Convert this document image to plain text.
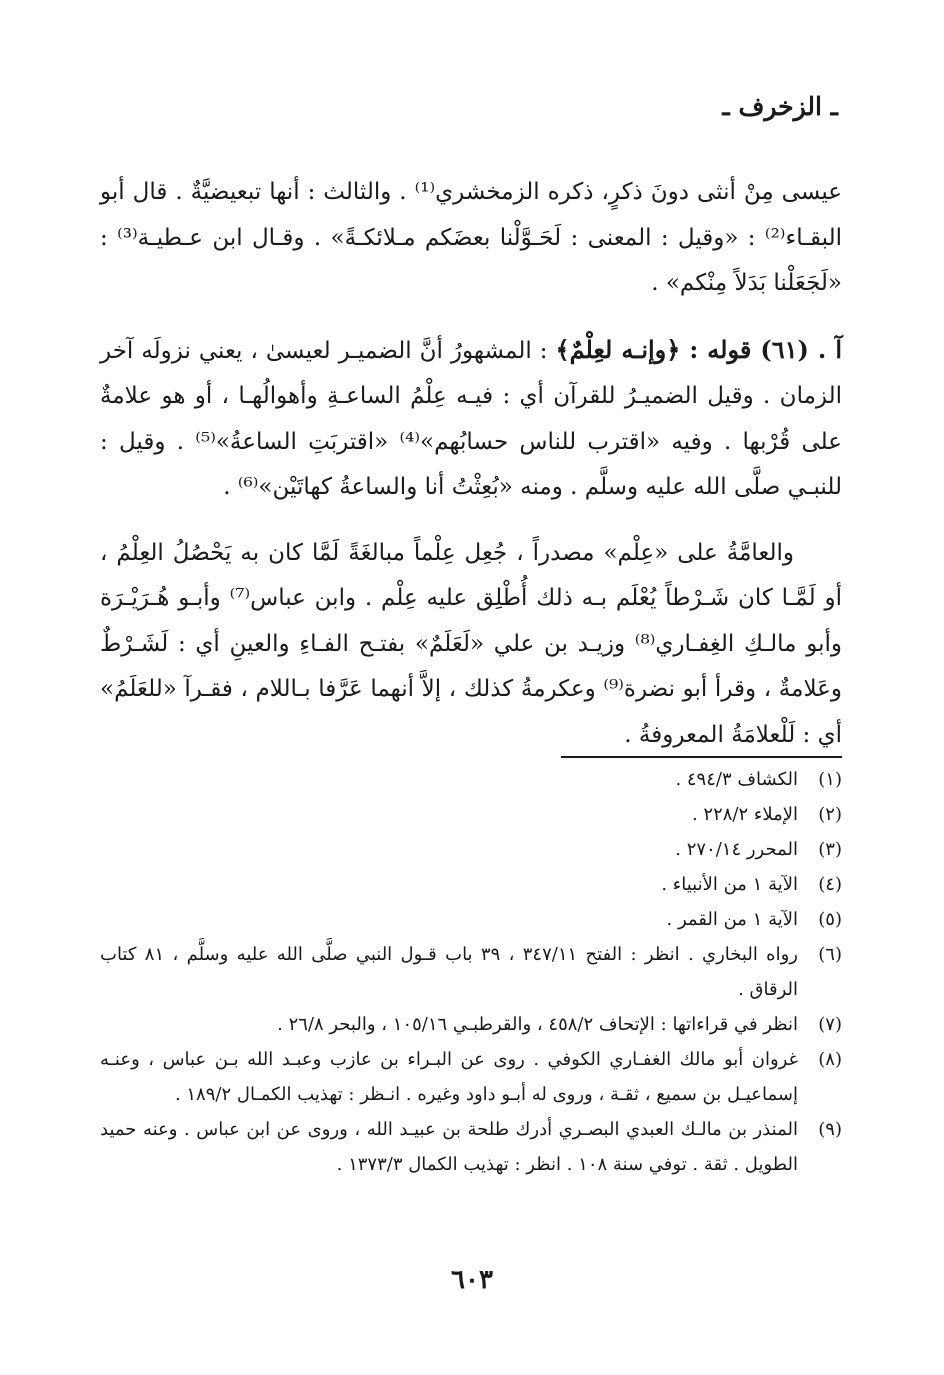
ـ الزخرف ـ

عيسى مِنْ أنثى دونَ ذكرٍ، ذكره الزمخشري⁽¹⁾ . والثالث : أنها تبعيضيَّةٌ . قال أبو البقـاء⁽²⁾ : «وقيل : المعنى : لَحَـوَّلْنا بعضَكم مـلائكـةً» . وقـال ابن عـطيـة⁽³⁾ : «لَجَعَلْنا بَدَلاً مِنْكم» .

آ . (٦١) قوله : ﴿وإنـه لعِلْمٌ﴾ : المشهورُ أنَّ الضميـر لعيسىٰ ، يعني نزولَه آخر الزمان . وقيل الضميـرُ للقرآن أي : فيـه عِلْمُ الساعـةِ وأهوالُهـا ، أو هو علامةٌ على قُرْبها . وفيه «اقترب للناس حسابُهم»⁽⁴⁾ «اقتربَتِ الساعةُ»⁽⁵⁾ . وقيل : للنبـي صلَّى الله عليه وسلَّم . ومنه «بُعِثْتُ أنا والساعةُ كهاتَيْن»⁽⁶⁾ .

والعامَّةُ على «عِلْم» مصدراً ، جُعِل عِلْماً مبالغَةً لَمَّا كان به يَحْصُلُ العِلْمُ ، أو لَمَّـا كان شَـرْطاً يُعْلَم بـه ذلك أُطْلِق عليه عِلْم . وابن عباس⁽⁷⁾ وأبـو هُـرَيْـرَة وأبو مالـكِ الغِفـاري⁽⁸⁾ وزيـد بن علي «لَعَلَمٌ» بفتـح الفـاءِ والعينِ أي : لَشَـرْطٌ وعَلامةٌ ، وقرأ أبو نضرة⁽⁹⁾ وعكرمةُ كذلك ، إلاَّ أنهما عَرَّفا بـاللام ، فقـرآ «للعَلَمُ» أي : لَلْعلامَةُ المعروفةُ .

(١)
الكشاف ٤٩٤/٣ .
(٢)
الإملاء ٢٢٨/٢ .
(٣)
المحرر ٢٧٠/١٤ .
(٤)
الآية ١ من الأنبياء .
(٥)
الآية ١ من القمر .
(٦)
رواه البخاري . انظر : الفتح ٣٤٧/١١ ، ٣٩ باب قـول النبي صلَّى الله عليه وسلَّم ، ٨١ كتاب الرقاق .
(٧)
انظر في قراءاتها : الإتحاف ٤٥٨/٢ ، والقرطبـي ١٠٥/١٦ ، والبحر ٢٦/٨ .
(٨)
غروان أبو مالك الغفـاري الكوفي . روى عن البـراء بن عازب وعبـد الله بـن عباس ، وعنـه إسماعيـل بن سميع ، ثقـة ، وروى له أبـو داود وغيره . انـظر : تهذيب الكمـال ١٨٩/٢ .
(٩)
المنذر بن مالـك العبدي البصـري أدرك طلحة بن عبيـد الله ، وروى عن ابن عباس . وعنه حميد الطويل . ثقة . توفي سنة ١٠٨ . انظر : تهذيب الكمال ١٣٧٣/٣ .
٦٠٣
